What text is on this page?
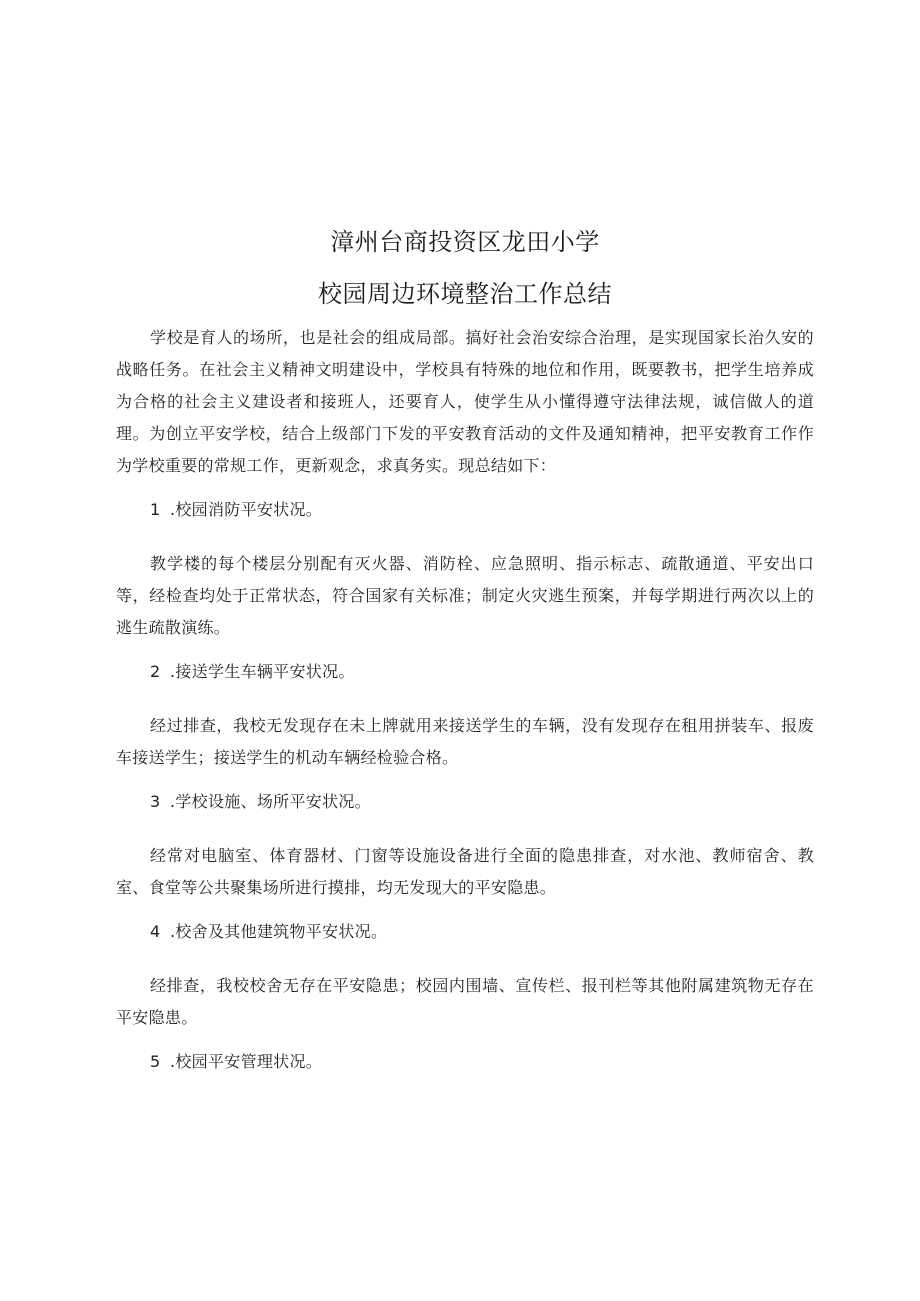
漳州台商投资区龙田小学
校园周边环境整治工作总结

学校是育人的场所，也是社会的组成局部。搞好社会治安综合治理，是实现国家长治久安的战略任务。在社会主义精神文明建设中，学校具有特殊的地位和作用，既要教书，把学生培养成为合格的社会主义建设者和接班人，还要育人，使学生从小懂得遵守法律法规，诚信做人的道理。为创立平安学校，结合上级部门下发的平安教育活动的文件及通知精神，把平安教育工作作为学校重要的常规工作，更新观念，求真务实。现总结如下：

1 .校园消防平安状况。

教学楼的每个楼层分别配有灭火器、消防栓、应急照明、指示标志、疏散通道、平安出口等，经检查均处于正常状态，符合国家有关标准；制定火灾逃生预案，并每学期进行两次以上的逃生疏散演练。

2 .接送学生车辆平安状况。

经过排查，我校无发现存在未上牌就用来接送学生的车辆，没有发现存在租用拼装车、报废车接送学生；接送学生的机动车辆经检验合格。

3 .学校设施、场所平安状况。

经常对电脑室、体育器材、门窗等设施设备进行全面的隐患排查，对水池、教师宿舍、教室、食堂等公共聚集场所进行摸排，均无发现大的平安隐患。

4 .校舍及其他建筑物平安状况。

经排查，我校校舍无存在平安隐患；校园内围墙、宣传栏、报刊栏等其他附属建筑物无存在平安隐患。

5 .校园平安管理状况。
